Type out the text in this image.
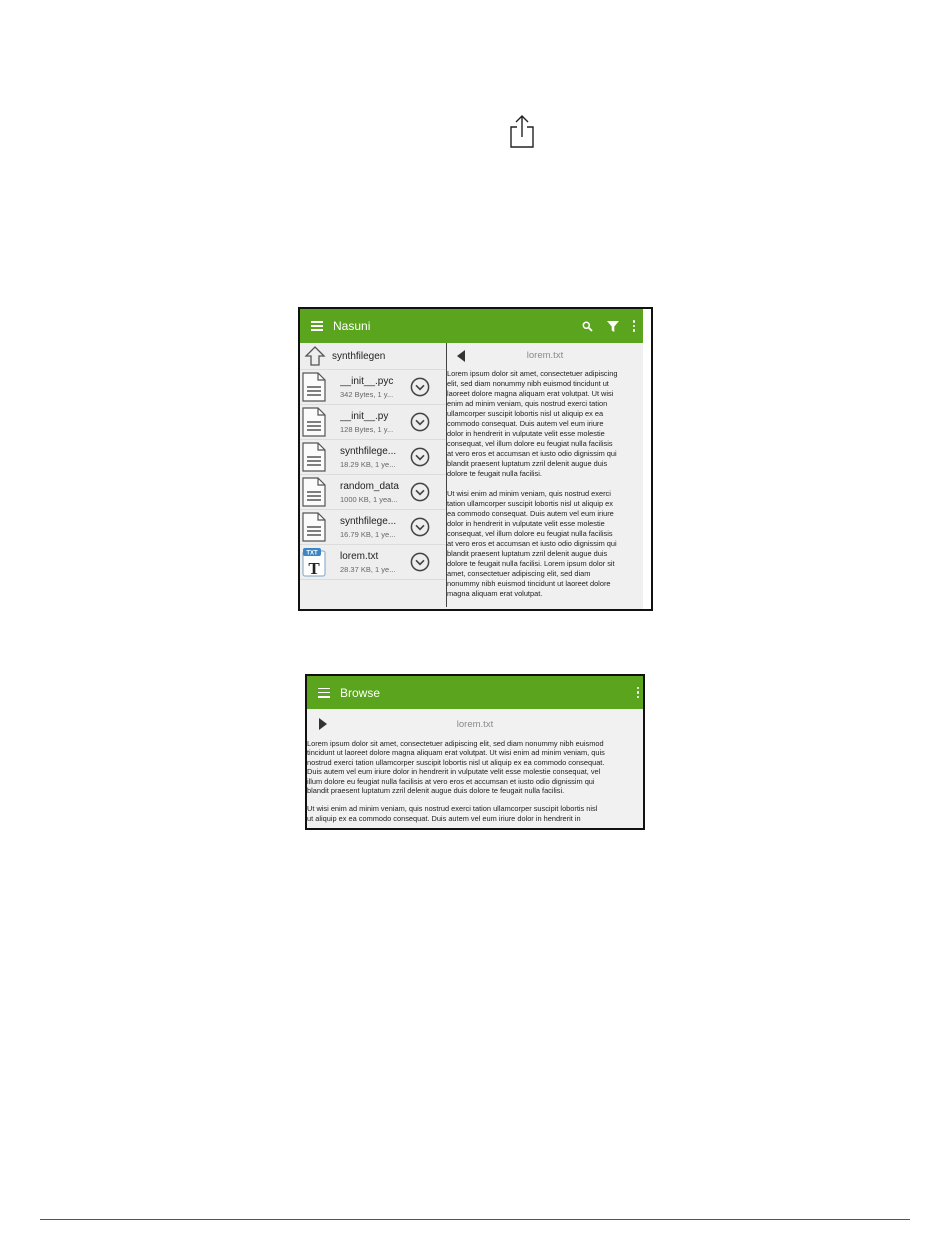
Nasuni
synthfilegen
__init__.pyc
342 Bytes, 1 y...
__init__.py
128 Bytes, 1 y...
synthfilege...
18.29 KB, 1 ye...
random_data
1000 KB, 1 yea...
synthfilege...
16.79 KB, 1 ye...
TXT
T
lorem.txt
28.37 KB, 1 ye...
lorem.txt

Lorem ipsum dolor sit amet, consectetuer adipiscing
elit, sed diam nonummy nibh euismod tincidunt ut
laoreet dolore magna aliquam erat volutpat. Ut wisi
enim ad minim veniam, quis nostrud exerci tation
ullamcorper suscipit lobortis nisl ut aliquip ex ea
commodo consequat. Duis autem vel eum iriure
dolor in hendrerit in vulputate velit esse molestie
consequat, vel illum dolore eu feugiat nulla facilisis
at vero eros et accumsan et iusto odio dignissim qui
blandit praesent luptatum zzril delenit augue duis
dolore te feugait nulla facilisi.

Ut wisi enim ad minim veniam, quis nostrud exerci
tation ullamcorper suscipit lobortis nisl ut aliquip ex
ea commodo consequat. Duis autem vel eum iriure
dolor in hendrerit in vulputate velit esse molestie
consequat, vel illum dolore eu feugiat nulla facilisis
at vero eros et accumsan et iusto odio dignissim qui
blandit praesent luptatum zzril delenit augue duis
dolore te feugait nulla facilisi. Lorem ipsum dolor sit
amet, consectetuer adipiscing elit, sed diam
nonummy nibh euismod tincidunt ut laoreet dolore
magna aliquam erat volutpat.

Browse
lorem.txt

Lorem ipsum dolor sit amet, consectetuer adipiscing elit, sed diam nonummy nibh euismod
tincidunt ut laoreet dolore magna aliquam erat volutpat. Ut wisi enim ad minim veniam, quis
nostrud exerci tation ullamcorper suscipit lobortis nisl ut aliquip ex ea commodo consequat.
Duis autem vel eum iriure dolor in hendrerit in vulputate velit esse molestie consequat, vel
illum dolore eu feugiat nulla facilisis at vero eros et accumsan et iusto odio dignissim qui
blandit praesent luptatum zzril delenit augue duis dolore te feugait nulla facilisi.

Ut wisi enim ad minim veniam, quis nostrud exerci tation ullamcorper suscipit lobortis nisl
ut aliquip ex ea commodo consequat. Duis autem vel eum iriure dolor in hendrerit in
